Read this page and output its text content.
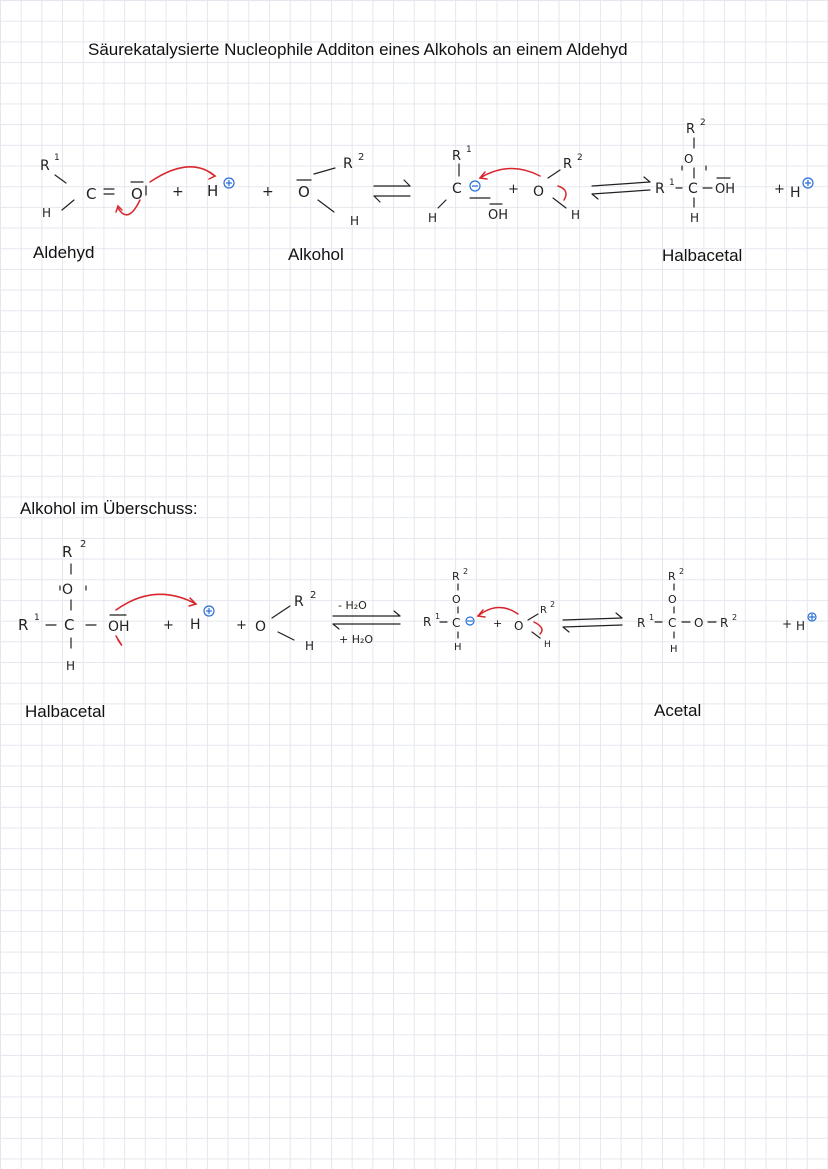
Säurekatalysierte Nucleophile Additon eines Alkohols an einem Aldehyd
R 1
H
C O + H	+ O
R 2
H
R 1
C
H	OH
+ O
R 2
H
R 2
O
R 1 C OH
H
+ H
R 2
O
R 1 C OH
H
+ H	+ O
R 2
H
- H₂O
+ H₂O
R 2
O
R 1 C
H
+ O
R
2
H
R 2
O
R 1 C O R 2
H
+ H
Aldehyd	Alkohol	Halbacetal
Alkohol im Überschuss:
Halbacetal	Acetal
